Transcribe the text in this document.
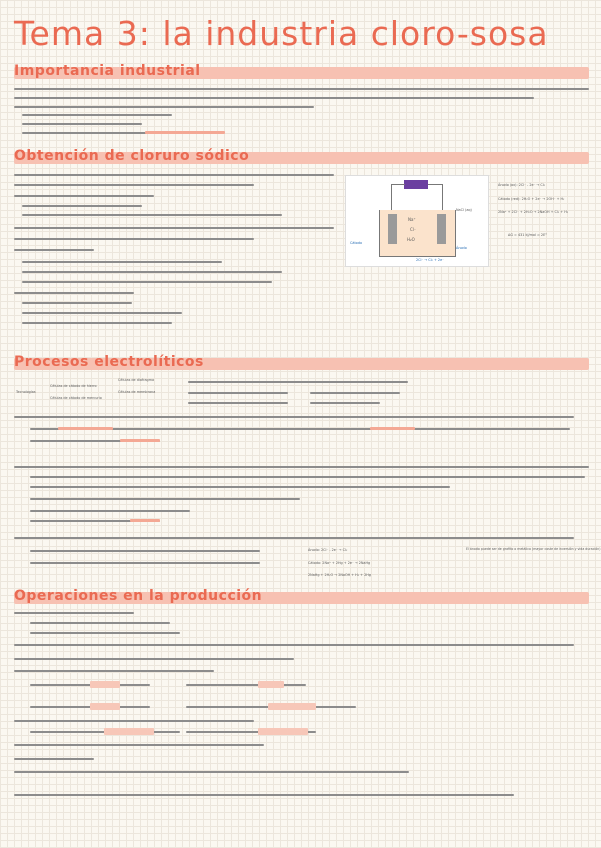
Tema 3: la industria cloro-sosa
Importancia industrial
Obtención de cloruro sódico
Na⁺
Cl⁻
H₂O
NaCl (aq)
Cátodo
Ánodo
2Cl⁻ → Cl₂ + 2e⁻
Ánodo (ox): 2Cl⁻ - 2e⁻ → Cl₂
Cátodo (red): 2H₂O + 2e⁻ → 2OH⁻ + H₂
2Na⁺ + 2Cl⁻ + 2H₂O → 2NaOH + Cl₂ + H₂
ΔG = 431 kJ/mol ≈ 2E°
Procesos electrolíticos
Tecnologías
Células de cátodo de hierro
Células de cátodo de mercurio
Células de diafragma
Células de membrana
Ánodo: 2Cl⁻ - 2e⁻ → Cl₂
Cátodo: 2Na⁺ + 2Hg + 2e⁻ → 2NaHg
2NaHg + 2H₂O → 2NaOH + H₂ + 2Hg
El ánodo puede ser de grafito o metálico (mayor coste de inversión y vida duración)
Operaciones en la producción
